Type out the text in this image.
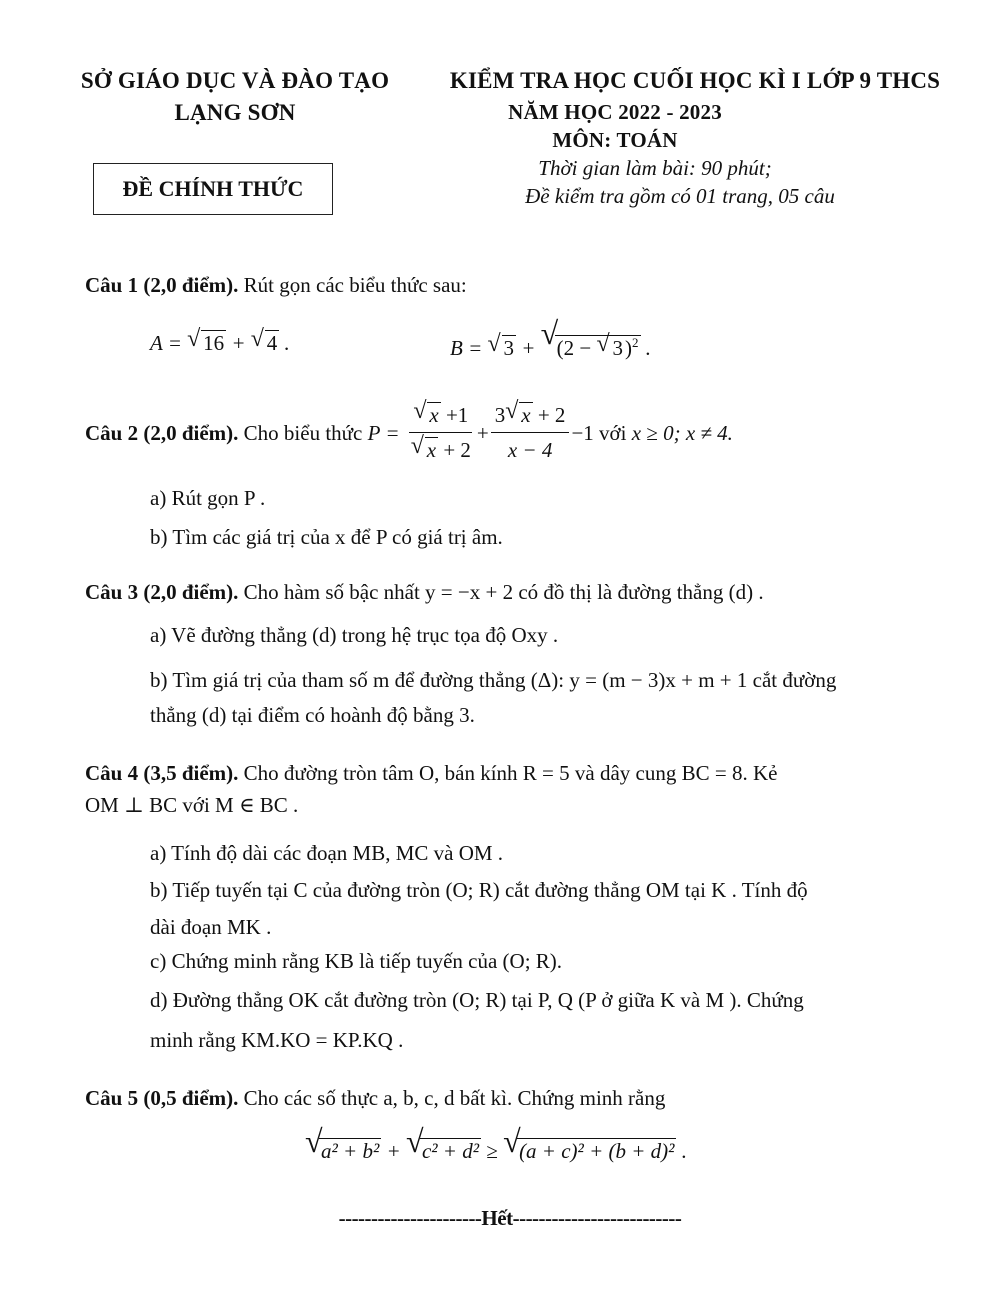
SỞ GIÁO DỤC VÀ ĐÀO TẠO
LẠNG SƠN
ĐỀ CHÍNH THỨC
KIỂM TRA HỌC CUỐI HỌC KÌ I LỚP 9 THCS
NĂM HỌC 2022 - 2023
MÔN: TOÁN
Thời gian làm bài: 90 phút;
Đề kiểm tra gồm có 01 trang, 05 câu
Câu 1 (2,0 điểm). Rút gọn các biểu thức sau:
A = √ 16 + √ 4 .	B = √ 3 + √ (2 − √ 3)$^2$ .
Câu 2 (2,0 điểm). Cho biểu thức P = √ x +1
√ $x + 2 + \frac{3 √ x + 2}{x - 4} -1$ với x ≥ 0; x ≠ 4.
a) Rút gọn P .
b) Tìm các giá trị của x để P có giá trị âm.
Câu 3 (2,0 điểm). Cho hàm số bậc nhất y = −x + 2 có đồ thị là đường thẳng (d) .
a) Vẽ đường thẳng (d) trong hệ trục tọa độ Oxy .
b) Tìm giá trị của tham số m để đường thẳng (Δ): y = (m − 3)x + m + 1 cắt đường
thẳng (d) tại điểm có hoành độ bằng 3.
Câu 4 (3,5 điểm). Cho đường tròn tâm O, bán kính R = 5 và dây cung BC = 8. Kẻ
OM ⊥ BC với M ∈ BC .
a) Tính độ dài các đoạn MB, MC và OM .
b) Tiếp tuyến tại C của đường tròn (O; R) cắt đường thẳng OM tại K . Tính độ
dài đoạn MK .
c) Chứng minh rằng KB là tiếp tuyến của (O; R).
d) Đường thẳng OK cắt đường tròn (O; R) tại P, Q (P ở giữa K và M ). Chứng
minh rằng KM.KO = KP.KQ .
Câu 5 (0,5 điểm). Cho các số thực a, b, c, d bất kì. Chứng minh rằng
√ a² + b² + √ c² + d² ≥ √ (a + c)² + (b + d)² .
----------------------Hết--------------------------
